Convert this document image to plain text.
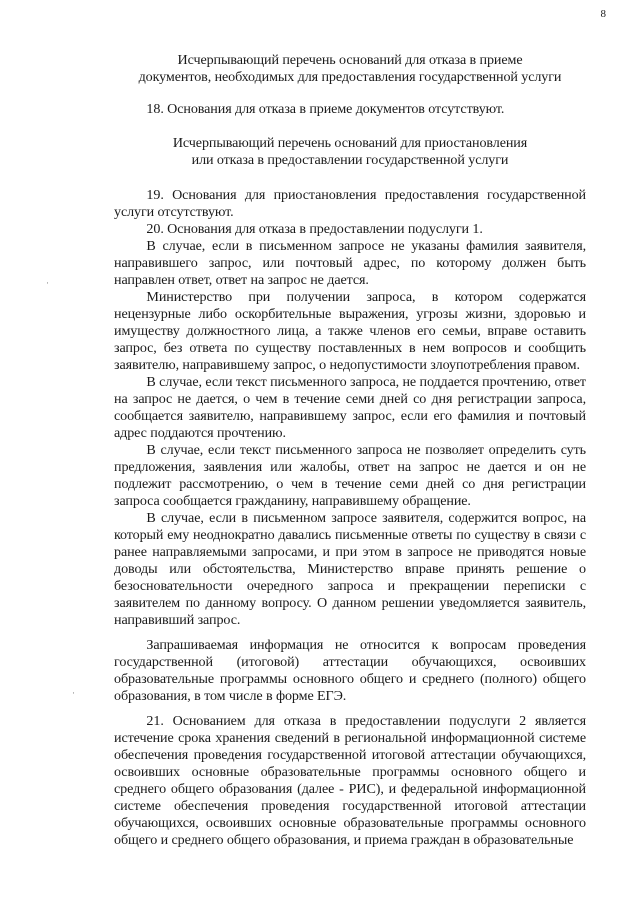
8
·
·
Исчерпывающий перечень оснований для отказа в приеме
документов, необходимых для предоставления государственной услуги

18. Основания для отказа в приеме документов отсутствуют.

Исчерпывающий перечень оснований для приостановления
или отказа в предоставлении государственной услуги

19. Основания для приостановления предоставления государственной услуги отсутствуют.

20. Основания для отказа в предоставлении подуслуги 1.

В случае, если в письменном запросе не указаны фамилия заявителя, направившего запрос, или почтовый адрес, по которому должен быть направлен ответ, ответ на запрос не дается.

Министерство при получении запроса, в котором содержатся нецензурные либо оскорбительные выражения, угрозы жизни, здоровью и имуществу должностного лица, а также членов его семьи, вправе оставить запрос, без ответа по существу поставленных в нем вопросов и сообщить заявителю, направившему запрос, о недопустимости злоупотребления правом.

В случае, если текст письменного запроса, не поддается прочтению, ответ на запрос не дается, о чем в течение семи дней со дня регистрации запроса, сообщается заявителю, направившему запрос, если его фамилия и почтовый адрес поддаются прочтению.

В случае, если текст письменного запроса не позволяет определить суть предложения, заявления или жалобы, ответ на запрос не дается и он не подлежит рассмотрению, о чем в течение семи дней со дня регистрации запроса сообщается гражданину, направившему обращение.

В случае, если в письменном запросе заявителя, содержится вопрос, на который ему неоднократно давались письменные ответы по существу в связи с ранее направляемыми запросами, и при этом в запросе не приводятся новые доводы или обстоятельства, Министерство вправе принять решение о безосновательности очередного запроса и прекращении переписки с заявителем по данному вопросу. О данном решении уведомляется заявитель, направивший запрос.

Запрашиваемая информация не относится к вопросам проведения государственной (итоговой) аттестации обучающихся, освоивших образовательные программы основного общего и среднего (полного) общего образования, в том числе в форме ЕГЭ.

21. Основанием для отказа в предоставлении подуслуги 2 является истечение срока хранения сведений в региональной информационной системе обеспечения проведения государственной итоговой аттестации обучающихся, освоивших основные образовательные программы основного общего и среднего общего образования (далее - РИС), и федеральной информационной системе обеспечения проведения государственной итоговой аттестации обучающихся, освоивших основные образовательные программы основного общего и среднего общего образования, и приема граждан в образовательные
